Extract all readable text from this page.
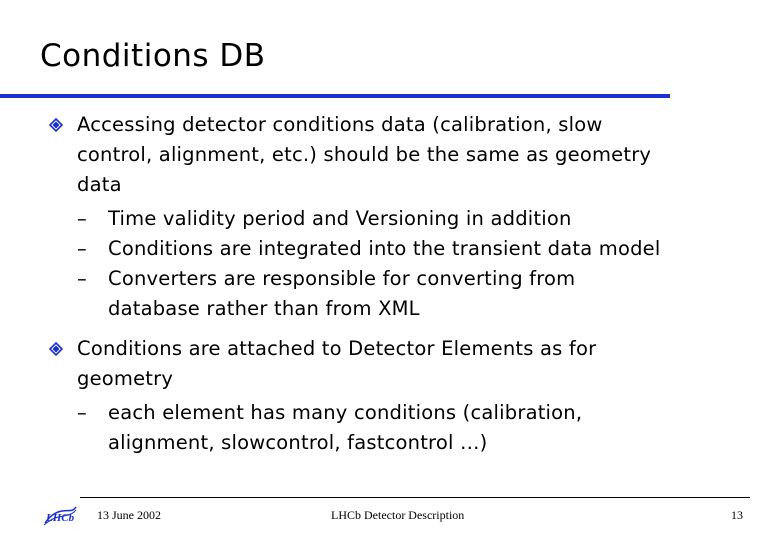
Conditions DB
Accessing detector conditions data (calibration, slow
control, alignment, etc.) should be the same as geometry
data
–	Time validity period and Versioning in addition
–	Conditions are integrated into the transient data model
–	Converters are responsible for converting from
database rather than from XML
Conditions are attached to Detector Elements as for
geometry
–	each element has many conditions (calibration,
alignment, slowcontrol, fastcontrol …)
LHCb 13 June 2002	LHCb Detector Description	13
